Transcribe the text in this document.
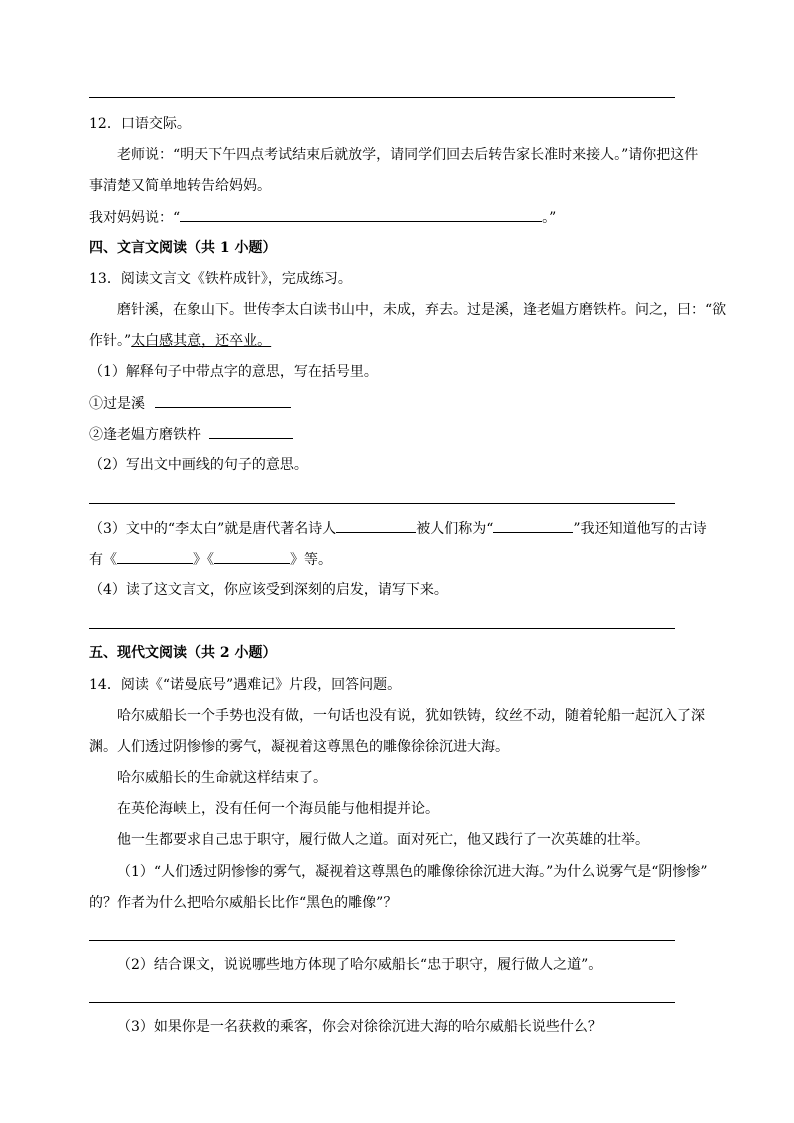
12．口语交际。
老师说：“明天下午四点考试结束后就放学，请同学们回去后转告家长准时来接人。”请你把这件
事清楚又简单地转告给妈妈。
我对妈妈说：“	。”
四、文言文阅读（共 1 小题）
13．阅读文言文《铁杵成针》，完成练习。
磨针溪，在象山下。世传李太白读书山中，未成，弃去。过是溪，逢老媪方磨铁杵。问之，曰：“欲
作针。”太白感其意，还卒业。
（1）解释句子中带点字的意思，写在括号里。
①过是溪
②逢老媪方磨铁杵
（2）写出文中画线的句子的意思。
（3）文中的“李太白”就是唐代著名诗人	被人们称为“	”我还知道他写的古诗
有《	》《	》等。
（4）读了这文言文，你应该受到深刻的启发，请写下来。
五、现代文阅读（共 2 小题）
14．阅读《“诺曼底号”遇难记》片段，回答问题。
哈尔威船长一个手势也没有做，一句话也没有说，犹如铁铸，纹丝不动，随着轮船一起沉入了深
渊。人们透过阴惨惨的雾气，凝视着这尊黑色的雕像徐徐沉进大海。
哈尔威船长的生命就这样结束了。
在英伦海峡上，没有任何一个海员能与他相提并论。
他一生都要求自己忠于职守，履行做人之道。面对死亡，他又践行了一次英雄的壮举。
（1）“人们透过阴惨惨的雾气，凝视着这尊黑色的雕像徐徐沉进大海。”为什么说雾气是“阴惨惨”
的？作者为什么把哈尔威船长比作“黑色的雕像”？
（2）结合课文，说说哪些地方体现了哈尔威船长“忠于职守，履行做人之道”。
（3）如果你是一名获救的乘客，你会对徐徐沉进大海的哈尔威船长说些什么？
